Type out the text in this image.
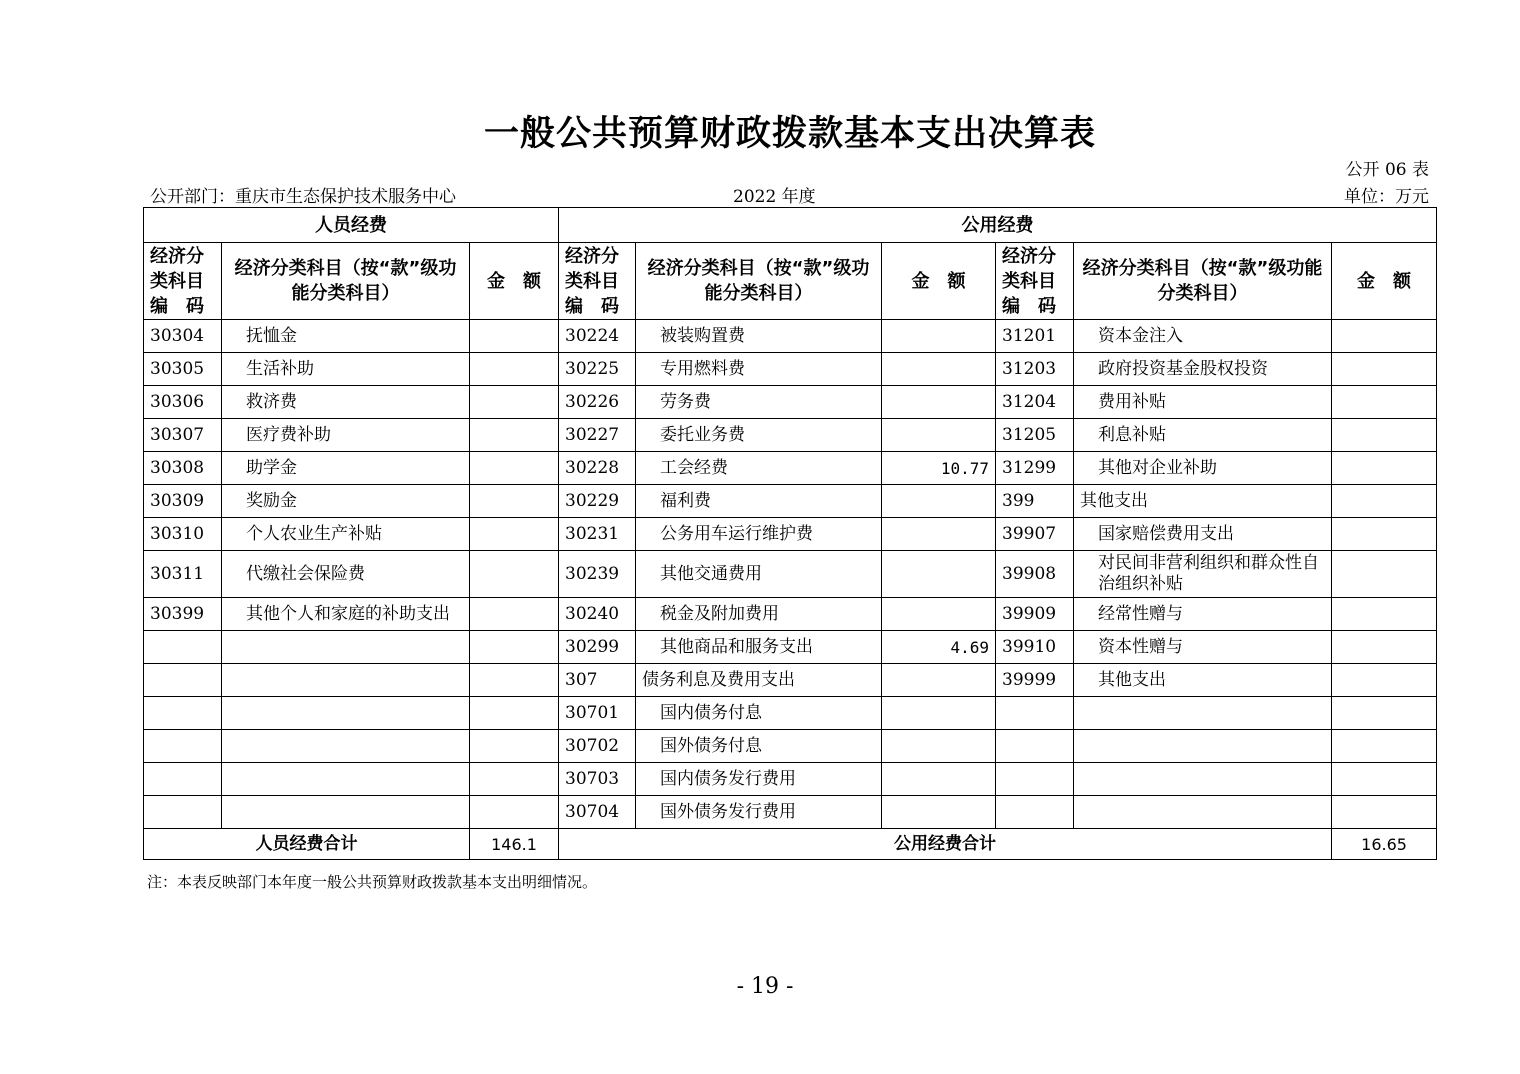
一般公共预算财政拨款基本支出决算表
公开 06 表
公开部门：重庆市生态保护技术服务中心	2022 年度	单位：万元
人员经费			公用经费					
经济分类科目编　码	经济分类科目（按“款”级功能分类科目）	金　额	经济分类科目编　码	经济分类科目（按“款”级功能分类科目）	金　额	经济分类科目编　码	经济分类科目（按“款”级功能分类科目）	金　额
30304	抚恤金		30224	被装购置费		31201	资本金注入	
30305	生活补助		30225	专用燃料费		31203	政府投资基金股权投资	
30306	救济费		30226	劳务费		31204	费用补贴	
30307	医疗费补助		30227	委托业务费		31205	利息补贴	
30308	助学金		30228	工会经费	10.77	31299	其他对企业补助	
30309	奖励金		30229	福利费		399	其他支出	
30310	个人农业生产补贴		30231	公务用车运行维护费		39907	国家赔偿费用支出	
30311	代缴社会保险费		30239	其他交通费用		39908	对民间非营利组织和群众性自治组织补贴	
30399	其他个人和家庭的补助支出		30240	税金及附加费用		39909	经常性赠与	
			30299	其他商品和服务支出	4.69	39910	资本性赠与	
			307	债务利息及费用支出		39999	其他支出	
			30701	国内债务付息				
			30702	国外债务付息				
			30703	国内债务发行费用				
			30704	国外债务发行费用				
人员经费合计		146.1	公用经费合计					16.65
注：本表反映部门本年度一般公共预算财政拨款基本支出明细情况。
- 19 -
